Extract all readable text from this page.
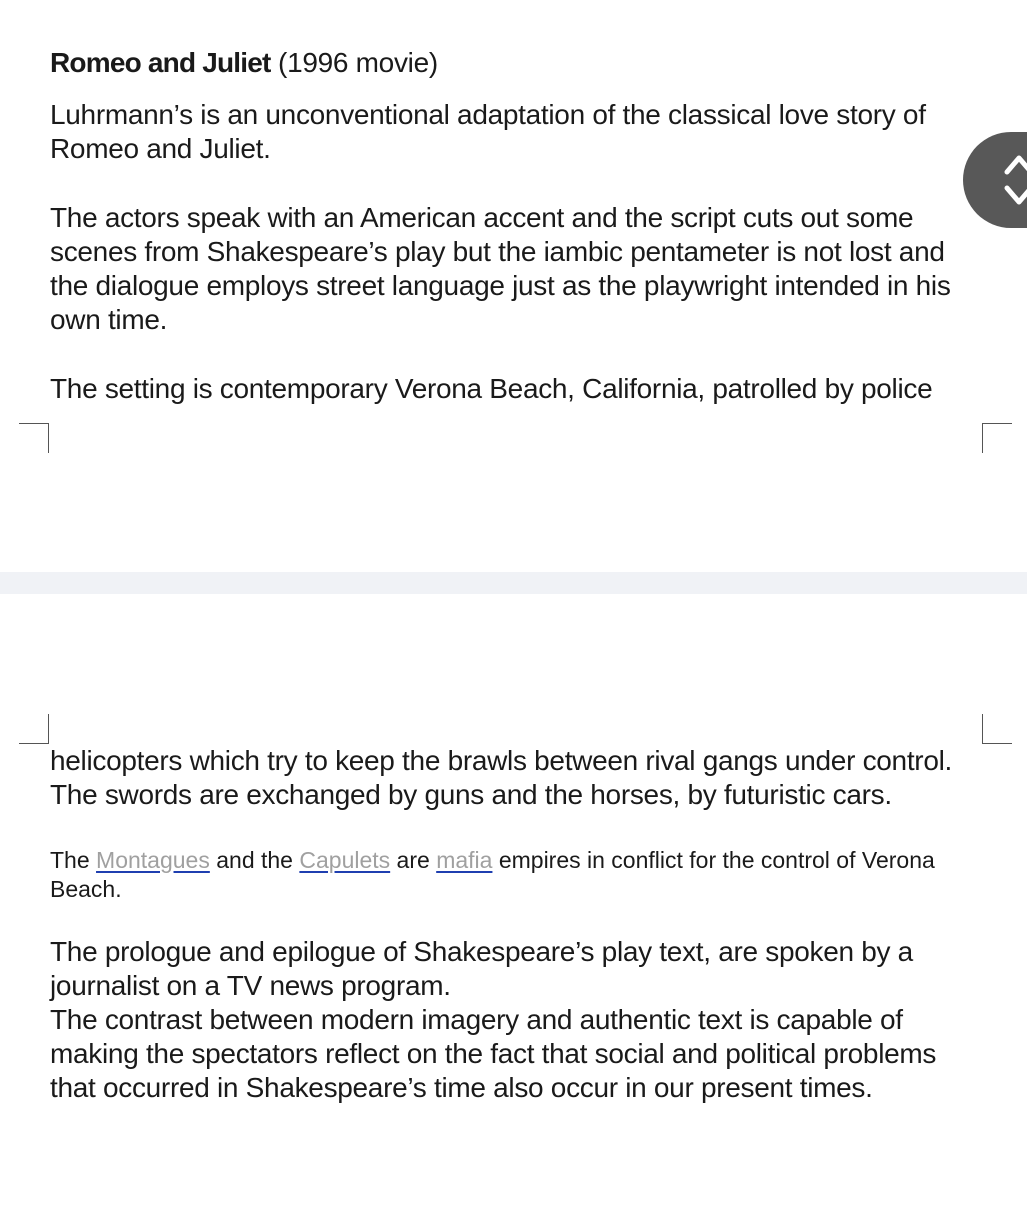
Romeo and Juliet (1996 movie)

Luhrmann’s is an unconventional adaptation of the classical love story of Romeo and Juliet.

The actors speak with an American accent and the script cuts out some scenes from Shakespeare’s play but the iambic pentameter is not lost and the dialogue employs street language just as the playwright intended in his own time.

The setting is contemporary Verona Beach, California, patrolled by police

helicopters which try to keep the brawls between rival gangs under control. The swords are exchanged by guns and the horses, by futuristic cars.

The Montagues and the Capulets are mafia empires in conflict for the control of Verona Beach.

The prologue and epilogue of Shakespeare’s play text, are spoken by a journalist on a TV news program.
The contrast between modern imagery and authentic text is capable of making the spectators reflect on the fact that social and political problems that occurred in Shakespeare’s time also occur in our present times.
